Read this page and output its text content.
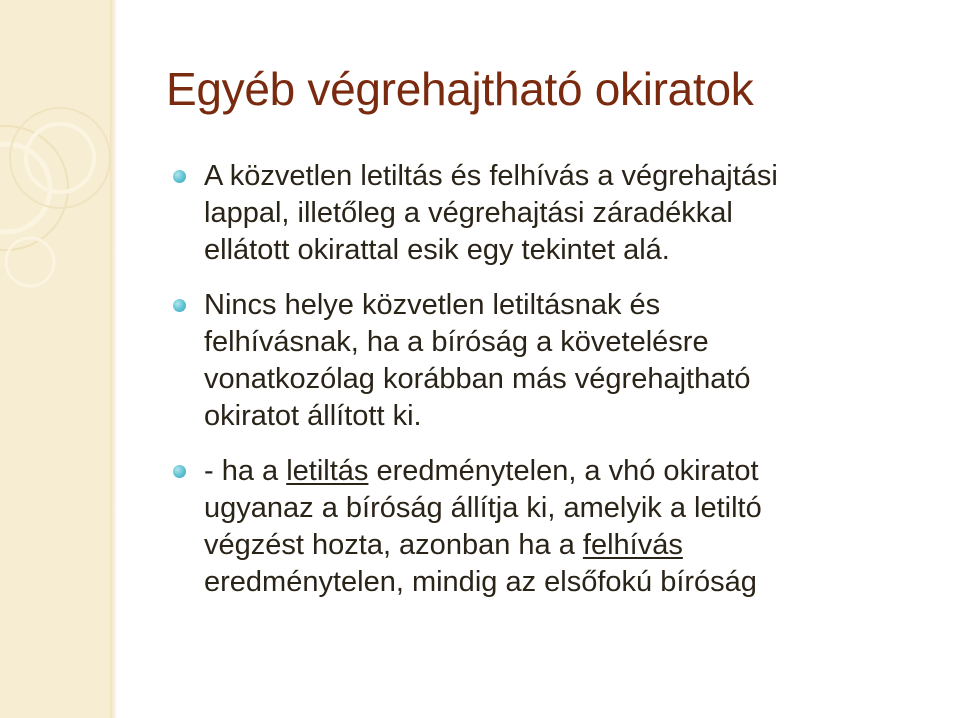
Egyéb végrehajtható okiratok
A közvetlen letiltás és felhívás a végrehajtási
lappal, illetőleg a végrehajtási záradékkal
ellátott okirattal esik egy tekintet alá.
Nincs helye közvetlen letiltásnak és
felhívásnak, ha a bíróság a követelésre
vonatkozólag korábban más végrehajtható
okiratot állított ki.
- ha a letiltás eredménytelen, a vhó okiratot
ugyanaz a bíróság állítja ki, amelyik a letiltó
végzést hozta, azonban ha a felhívás
eredménytelen, mindig az elsőfokú bíróság
